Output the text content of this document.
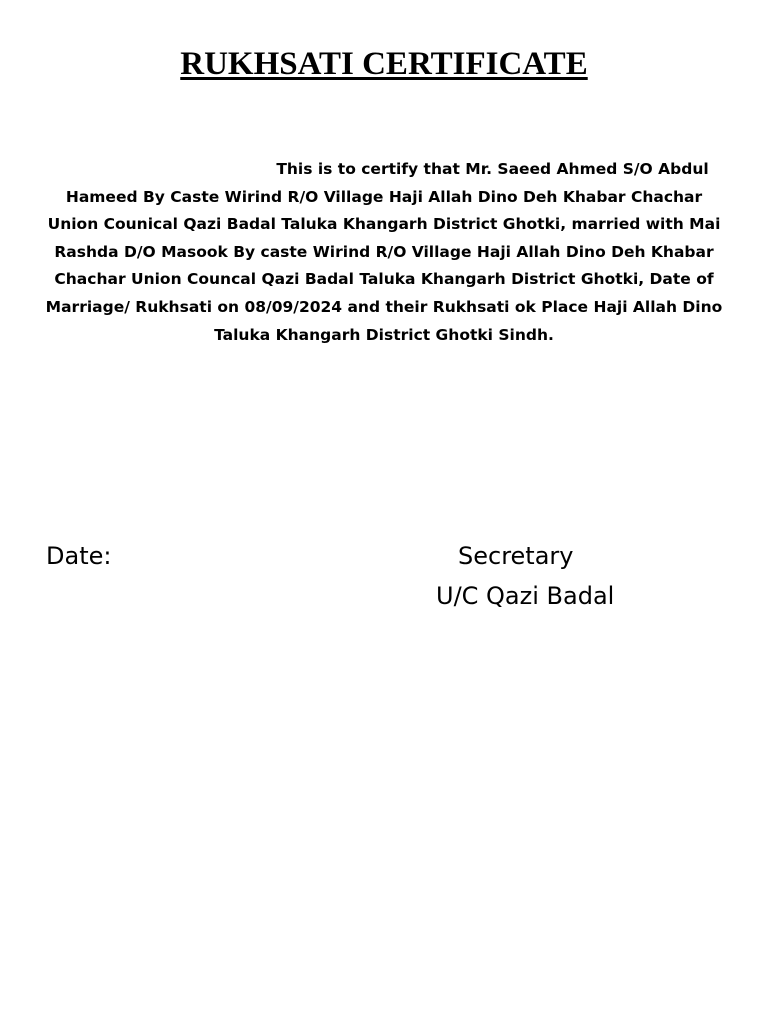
RUKHSATI CERTIFICATE

This is to certify that Mr. Saeed Ahmed S/O Abdul Hameed By Caste Wirind R/O Village Haji Allah Dino Deh Khabar Chachar Union Counical Qazi Badal Taluka Khangarh District Ghotki, married with Mai Rashda D/O Masook By caste Wirind R/O Village Haji Allah Dino Deh Khabar Chachar Union Councal Qazi Badal Taluka Khangarh District Ghotki, Date of Marriage/ Rukhsati on 08/09/2024 and their Rukhsati ok Place Haji Allah Dino Taluka Khangarh District Ghotki Sindh.

Date:	Secretary

U/C Qazi Badal
